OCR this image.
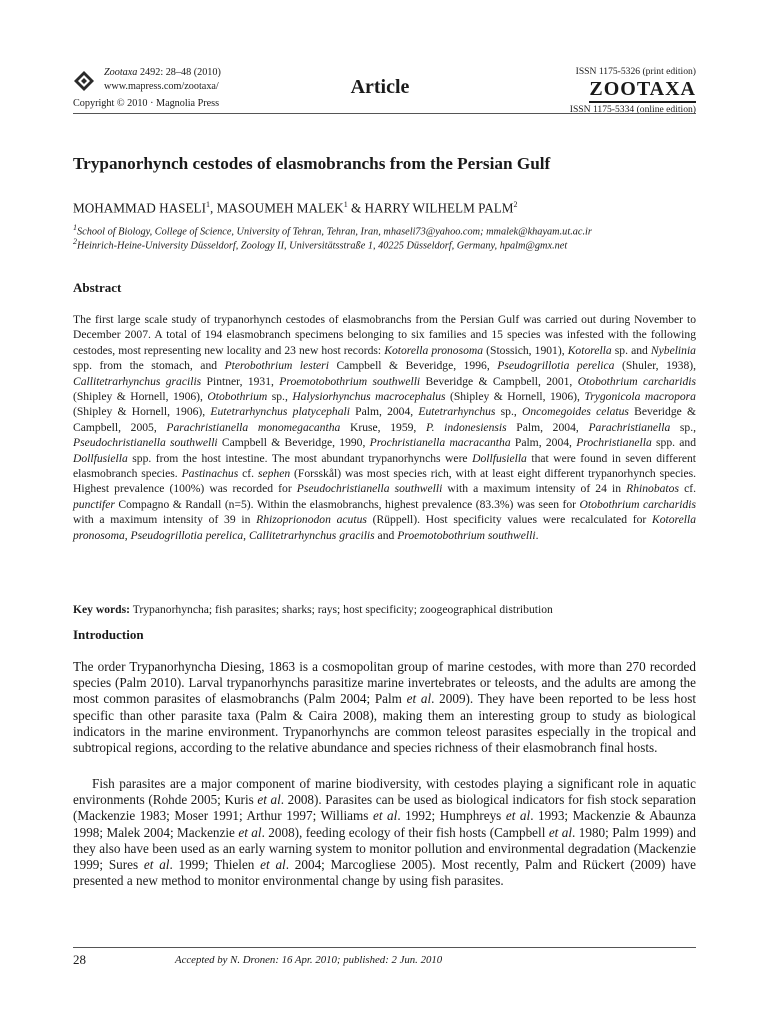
Zootaxa 2492: 28–48 (2010)
www.mapress.com/zootaxa/
Copyright © 2010 · Magnolia Press
Article
ISSN 1175-5326 (print edition)
ZOOTAXA
ISSN 1175-5334 (online edition)
Trypanorhynch cestodes of elasmobranchs from the Persian Gulf
MOHAMMAD HASELI$^1$, MASOUMEH MALEK$^1$ & HARRY WILHELM PALM$^2$
$^1$School of Biology, College of Science, University of Tehran, Tehran, Iran, mhaseli73@yahoo.com; mmalek@khayam.ut.ac.ir
$^2$Heinrich-Heine-University Düsseldorf, Zoology II, Universitätsstraße 1, 40225 Düsseldorf, Germany, hpalm@gmx.net
Abstract

The first large scale study of trypanorhynch cestodes of elasmobranchs from the Persian Gulf was carried out during November to December 2007. A total of 194 elasmobranch specimens belonging to six families and 15 species was infested with the following cestodes, most representing new locality and 23 new host records: Kotorella pronosoma (Stossich, 1901), Kotorella sp. and Nybelinia spp. from the stomach, and Pterobothrium lesteri Campbell & Beveridge, 1996, Pseudogrillotia perelica (Shuler, 1938), Callitetrarhynchus gracilis Pintner, 1931, Proemotobothrium southwelli Beveridge & Campbell, 2001, Otobothrium carcharidis (Shipley & Hornell, 1906), Otobothrium sp., Halysiorhynchus macrocephalus (Shipley & Hornell, 1906), Trygonicola macropora (Shipley & Hornell, 1906), Eutetrarhynchus platycephali Palm, 2004, Eutetrarhynchus sp., Oncomegoides celatus Beveridge & Campbell, 2005, Parachristianella monomegacantha Kruse, 1959, P. indonesiensis Palm, 2004, Parachristianella sp., Pseudochristianella southwelli Campbell & Beveridge, 1990, Prochristianella macracantha Palm, 2004, Prochristianella spp. and Dollfusiella spp. from the host intestine. The most abundant trypanorhynchs were Dollfusiella that were found in seven different elasmobranch species. Pastinachus cf. sephen (Forsskål) was most species rich, with at least eight different trypanorhynch species. Highest prevalence (100%) was recorded for Pseudochristianella southwelli with a maximum intensity of 24 in Rhinobatos cf. punctifer Compagno & Randall (n=5). Within the elasmobranchs, highest prevalence (83.3%) was seen for Otobothrium carcharidis with a maximum intensity of 39 in Rhizoprionodon acutus (Rüppell). Host specificity values were recalculated for Kotorella pronosoma, Pseudogrillotia perelica, Callitetrarhynchus gracilis and Proemotobothrium southwelli.

Key words: Trypanorhyncha; fish parasites; sharks; rays; host specificity; zoogeographical distribution

Introduction

The order Trypanorhyncha Diesing, 1863 is a cosmopolitan group of marine cestodes, with more than 270 recorded species (Palm 2010). Larval trypanorhynchs parasitize marine invertebrates or teleosts, and the adults are among the most common parasites of elasmobranchs (Palm 2004; Palm et al. 2009). They have been reported to be less host specific than other parasite taxa (Palm & Caira 2008), making them an interesting group to study as biological indicators in the marine environment. Trypanorhynchs are common teleost parasites especially in the tropical and subtropical regions, according to the relative abundance and species richness of their elasmobranch final hosts.

Fish parasites are a major component of marine biodiversity, with cestodes playing a significant role in aquatic environments (Rohde 2005; Kuris et al. 2008). Parasites can be used as biological indicators for fish stock separation (Mackenzie 1983; Moser 1991; Arthur 1997; Williams et al. 1992; Humphreys et al. 1993; Mackenzie & Abaunza 1998; Malek 2004; Mackenzie et al. 2008), feeding ecology of their fish hosts (Campbell et al. 1980; Palm 1999) and they also have been used as an early warning system to monitor pollution and environmental degradation (Mackenzie 1999; Sures et al. 1999; Thielen et al. 2004; Marcogliese 2005). Most recently, Palm and Rückert (2009) have presented a new method to monitor environmental change by using fish parasites.

28	Accepted by N. Dronen: 16 Apr. 2010; published: 2 Jun. 2010
